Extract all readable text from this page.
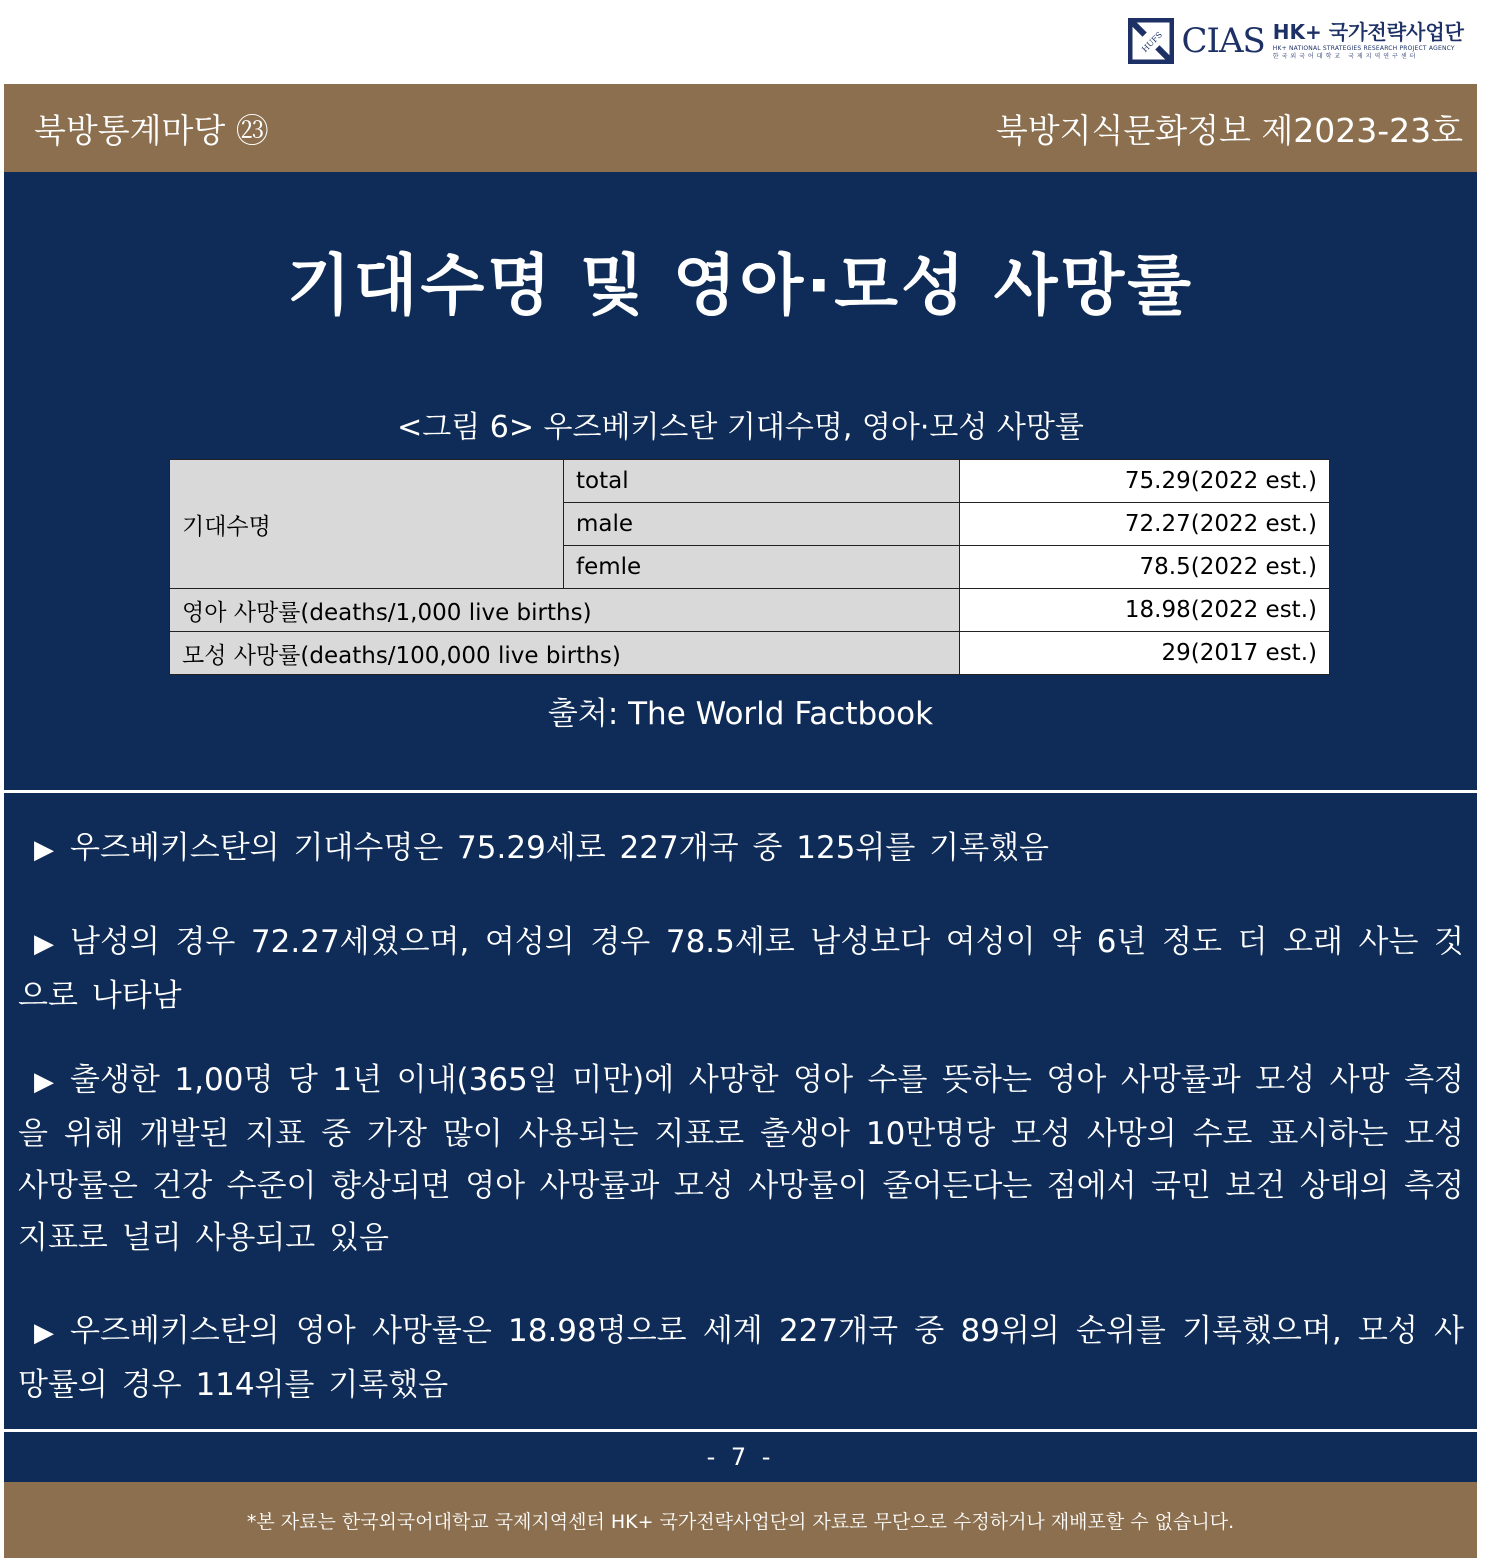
HUFS CIAS HK+ 국가전략사업단
HK+ NATIONAL STRATEGIES RESEARCH PROJECT AGENCY
한국외국어대학교 국제지역연구센터
북방통계마당 ㉓	북방지식문화정보 제2023-23호
기대수명 및 영아·모성 사망률
<그림 6> 우즈베키스탄 기대수명, 영아·모성 사망률
기대수명	total	75.29(2022 est.)
	male	72.27(2022 est.)
	femle	78.5(2022 est.)
영아 사망률(deaths/1,000 live births)		18.98(2022 est.)
모성 사망률(deaths/100,000 live births)		29(2017 est.)
출처: The World Factbook
▶ 우즈베키스탄의 기대수명은 75.29세로 227개국 중 125위를 기록했음
▶ 남성의 경우 72.27세였으며, 여성의 경우 78.5세로 남성보다 여성이 약 6년 정도 더 오래 사는 것으로 나타남
▶ 출생한 1,00명 당 1년 이내(365일 미만)에 사망한 영아 수를 뜻하는 영아 사망률과 모성 사망 측정을 위해 개발된 지표 중 가장 많이 사용되는 지표로 출생아 10만명당 모성 사망의 수로 표시하는 모성 사망률은 건강 수준이 향상되면 영아 사망률과 모성 사망률이 줄어든다는 점에서 국민 보건 상태의 측정지표로 널리 사용되고 있음
▶ 우즈베키스탄의 영아 사망률은 18.98명으로 세계 227개국 중 89위의 순위를 기록했으며, 모성 사망률의 경우 114위를 기록했음
- 7 -
*본 자료는 한국외국어대학교 국제지역센터 HK+ 국가전략사업단의 자료로 무단으로 수정하거나 재배포할 수 없습니다.
